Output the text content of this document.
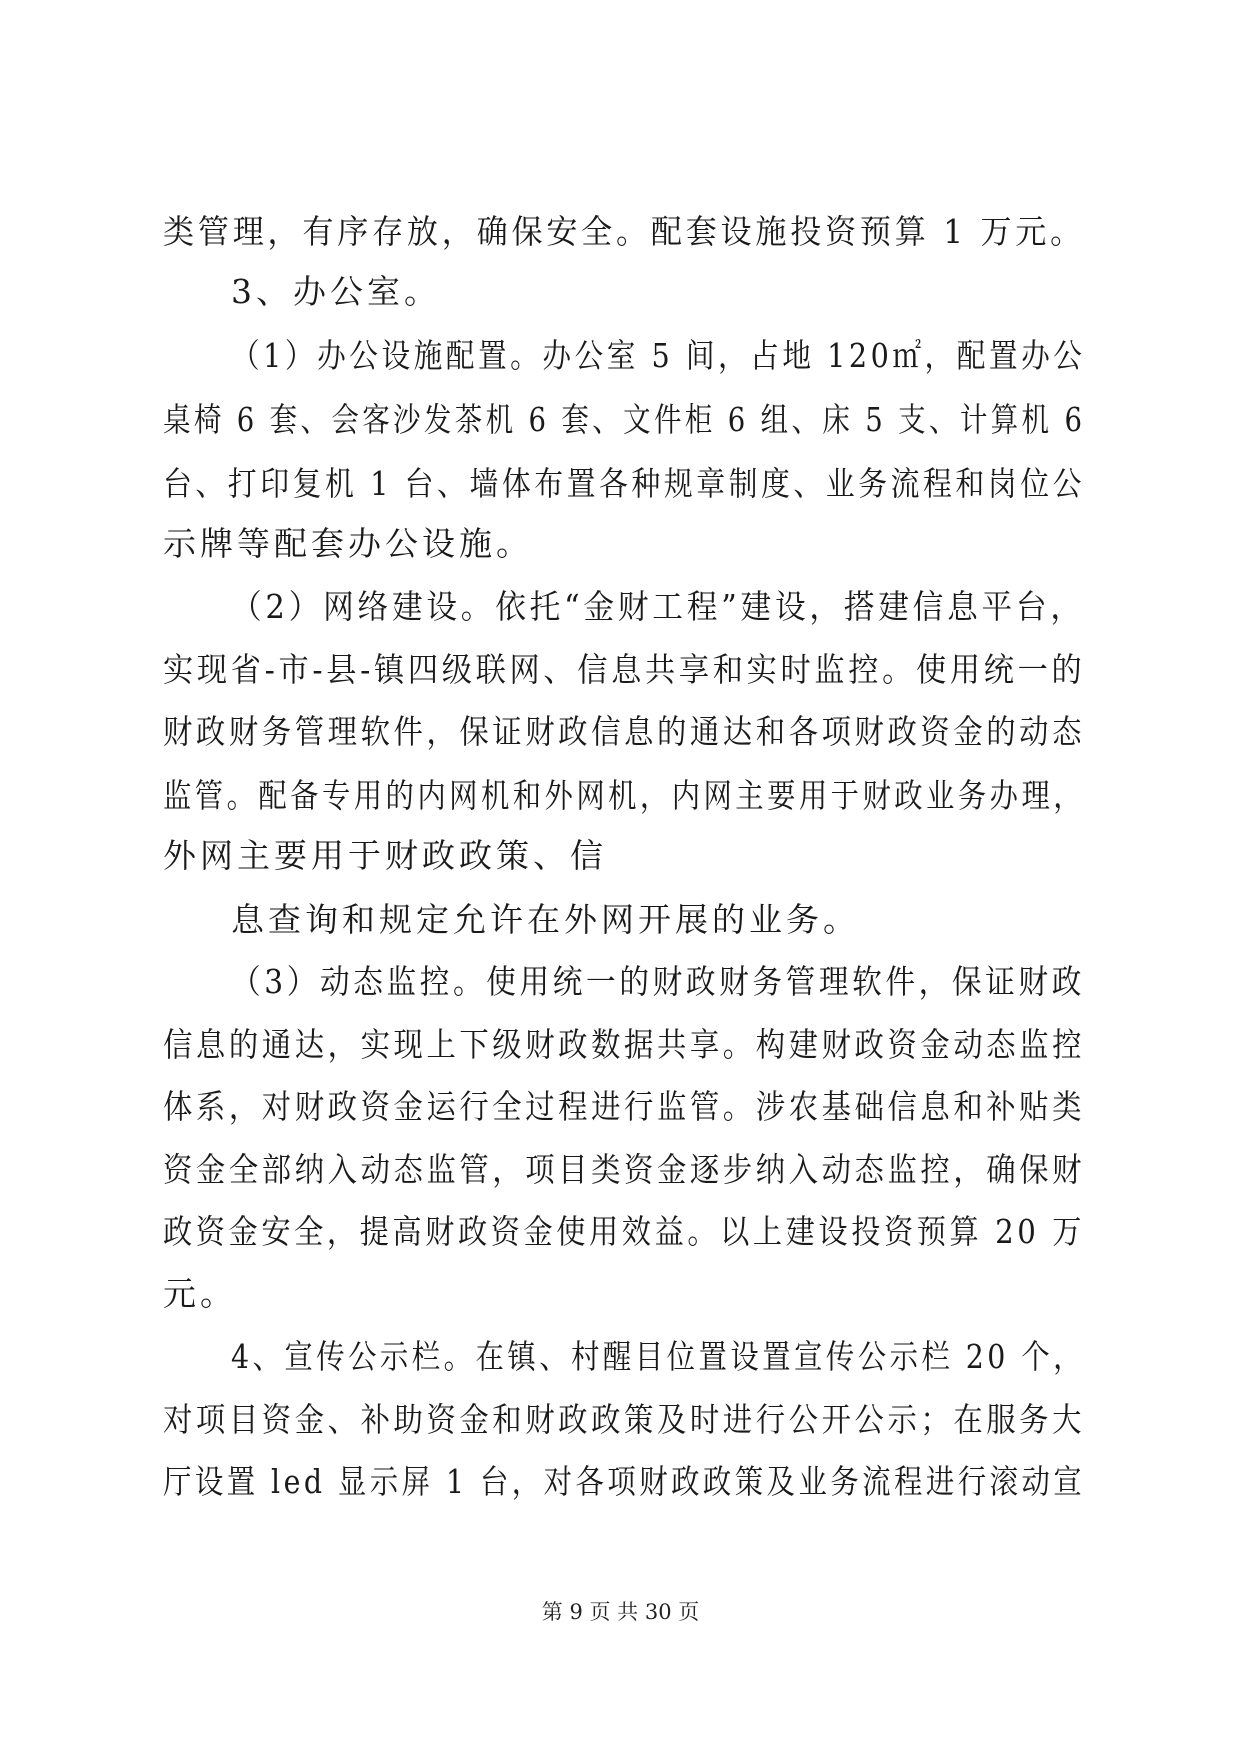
类管理，有序存放，确保安全。配套设施投资预算 1 万元。
3、办公室。
（1）办公设施配置。办公室 5 间，占地 120㎡，配置办公
桌椅 6 套、会客沙发茶机 6 套、文件柜 6 组、床 5 支、计算机 6
台、打印复机 1 台、墙体布置各种规章制度、业务流程和岗位公
示牌等配套办公设施。
（2）网络建设。依托“金财工程”建设，搭建信息平台，
实现省-市-县-镇四级联网、信息共享和实时监控。使用统一的
财政财务管理软件，保证财政信息的通达和各项财政资金的动态
监管。配备专用的内网机和外网机，内网主要用于财政业务办理，
外网主要用于财政政策、信
息查询和规定允许在外网开展的业务。
（3）动态监控。使用统一的财政财务管理软件，保证财政
信息的通达，实现上下级财政数据共享。构建财政资金动态监控
体系，对财政资金运行全过程进行监管。涉农基础信息和补贴类
资金全部纳入动态监管，项目类资金逐步纳入动态监控，确保财
政资金安全，提高财政资金使用效益。以上建设投资预算 20 万
元。
4、宣传公示栏。在镇、村醒目位置设置宣传公示栏 20 个，
对项目资金、补助资金和财政政策及时进行公开公示；在服务大
厅设置 led 显示屏 1 台，对各项财政政策及业务流程进行滚动宣
第 9 页 共 30 页
